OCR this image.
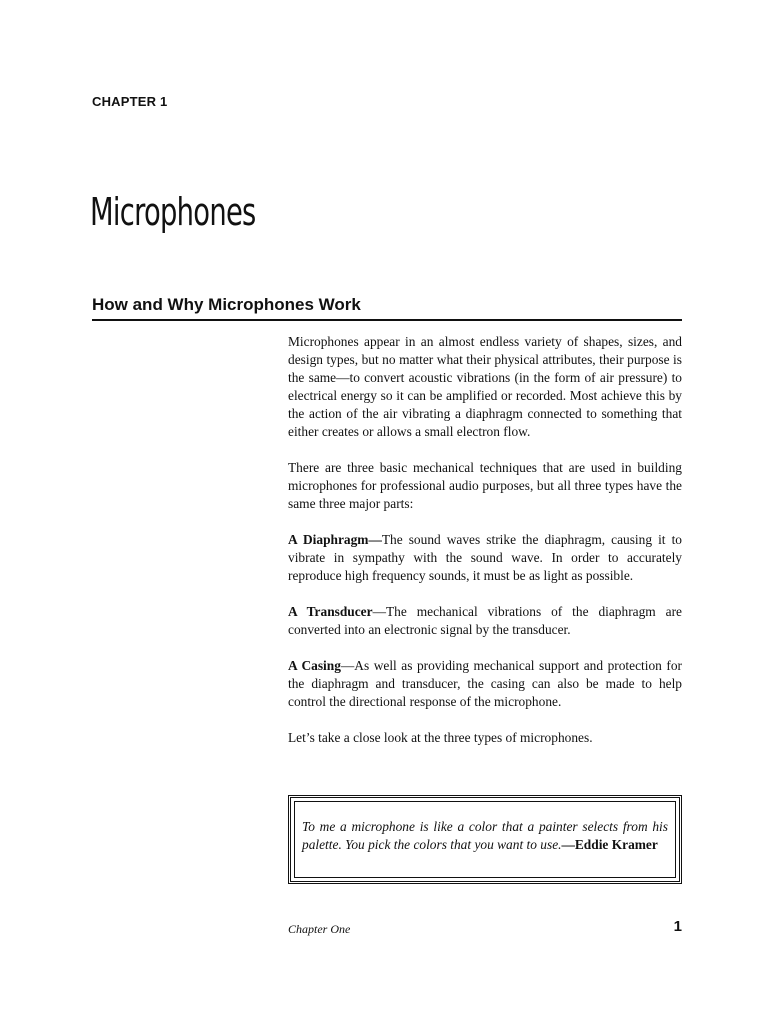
CHAPTER 1
Microphones
How and Why Microphones Work

Microphones appear in an almost endless variety of shapes, sizes, and design types, but no matter what their physical attributes, their purpose is the same—to convert acoustic vibrations (in the form of air pressure) to electrical energy so it can be amplified or recorded. Most achieve this by the action of the air vibrating a diaphragm connected to something that either creates or allows a small electron flow.

There are three basic mechanical techniques that are used in building microphones for professional audio purposes, but all three types have the same three major parts:

A Diaphragm—The sound waves strike the diaphragm, causing it to vibrate in sympathy with the sound wave. In order to accurately reproduce high frequency sounds, it must be as light as possible.

A Transducer—The mechanical vibrations of the diaphragm are converted into an electronic signal by the transducer.

A Casing—As well as providing mechanical support and protection for the diaphragm and transducer, the casing can also be made to help control the directional response of the microphone.

Let’s take a close look at the three types of microphones.

To me a microphone is like a color that a painter selects from his palette. You pick the colors that you want to use.—Eddie Kramer

Chapter One	1
